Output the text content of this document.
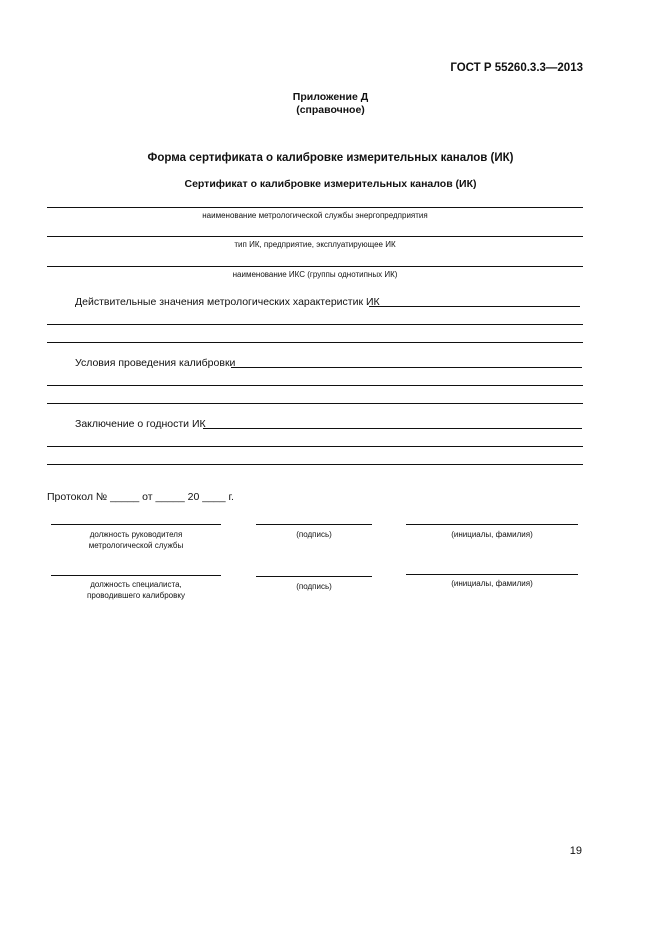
ГОСТ Р 55260.3.3—2013
Приложение Д
(справочное)
Форма сертификата о калибровке измерительных каналов (ИК)
Сертификат о калибровке измерительных каналов (ИК)
наименование метрологической службы энергопредприятия
тип ИК, предприятие, эксплуатирующее ИК
наименование ИКС (группы однотипных ИК)
Действительные значения метрологических характеристик ИК
Условия проведения калибровки
Заключение о годности ИК
Протокол № _____ от _____ 20 ____ г.
должность руководителя
метрологической службы
(подпись)	(инициалы, фамилия)
должность специалиста,
проводившего калибровку
(подпись)	(инициалы, фамилия)
19
